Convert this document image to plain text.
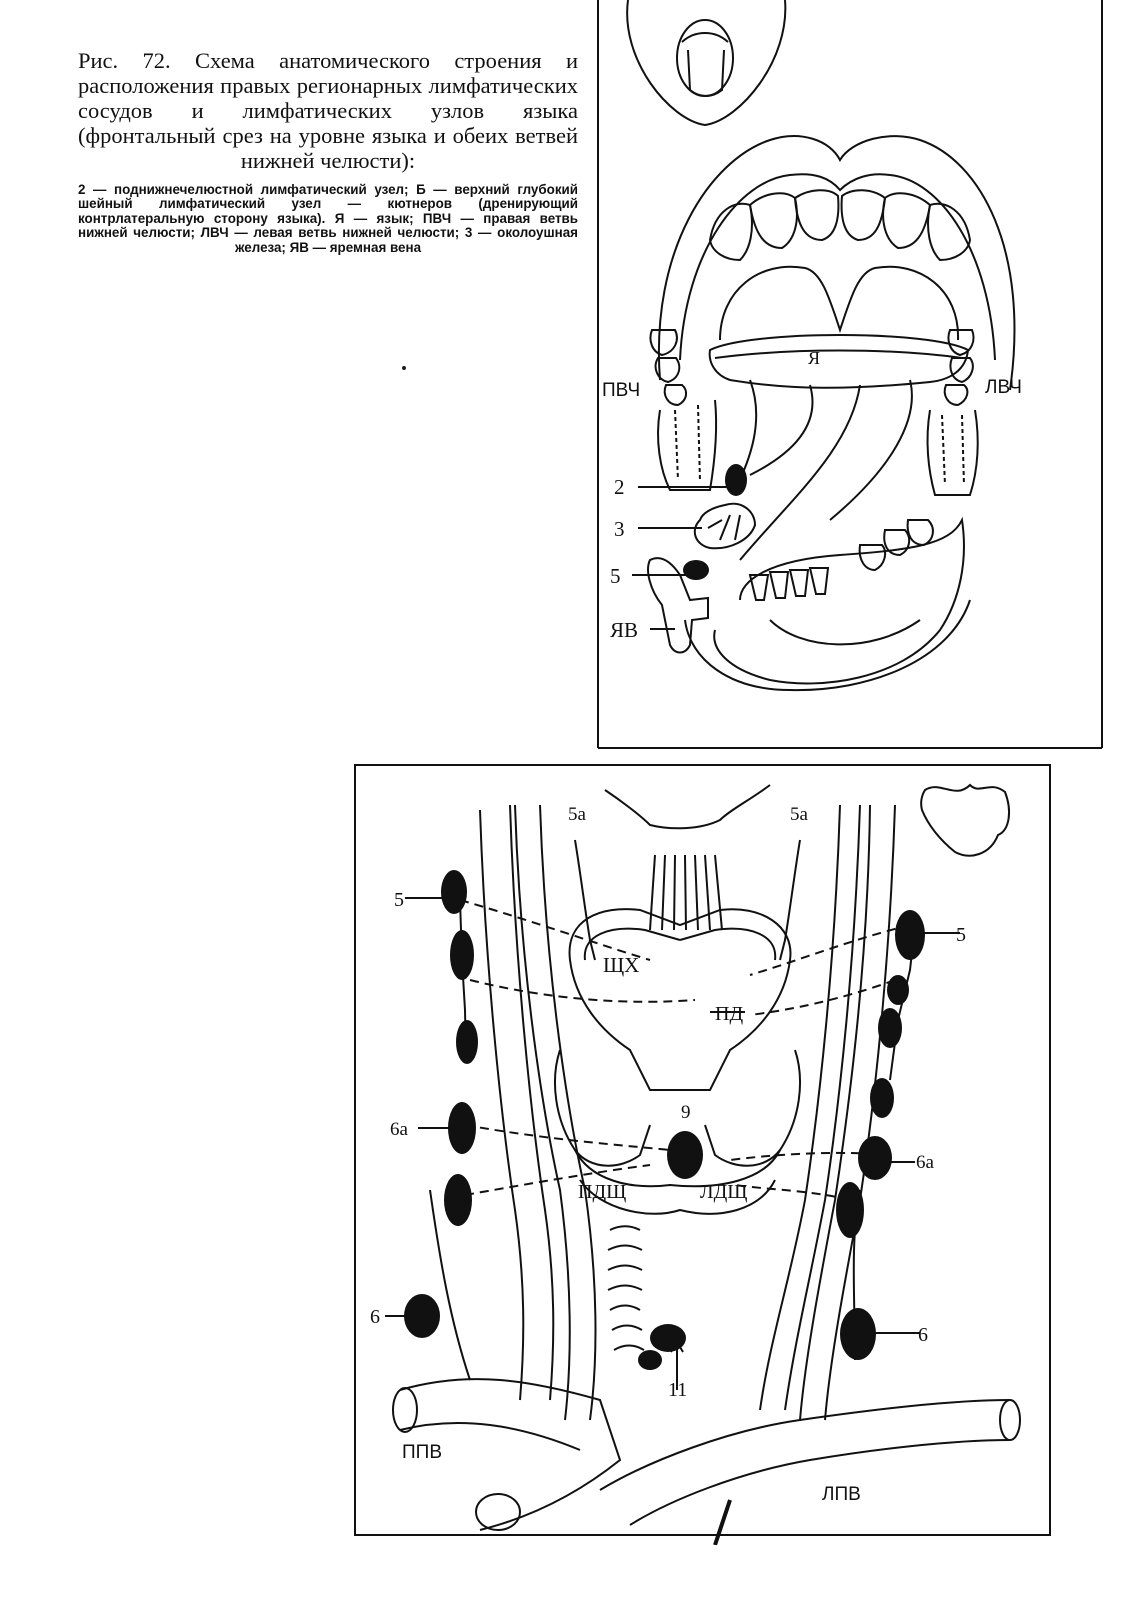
Рис. 72. Схема анатомического строения и расположения правых регионарных лимфатических сосудов и лимфатических узлов языка (фронтальный срез на уровне языка и обеих ветвей нижней челюсти):

2 — поднижнечелюстной лимфатический узел; Б — верхний глубокий шейный лимфатический узел — кютнеров (дренирующий контрлатеральную сторону языка). Я — язык; ПВЧ — правая ветвь нижней челюсти; ЛВЧ — левая ветвь нижней челюсти; 3 — околоушная железа; ЯВ — яремная вена
Я
ПВЧ	ЛВЧ
2
3
5
ЯВ
5а	5а
5
5
ЩХ
ПД
9
6а
6а
ПДЩ	ЛДЩ
6
6
11
ППВ
ЛПВ
